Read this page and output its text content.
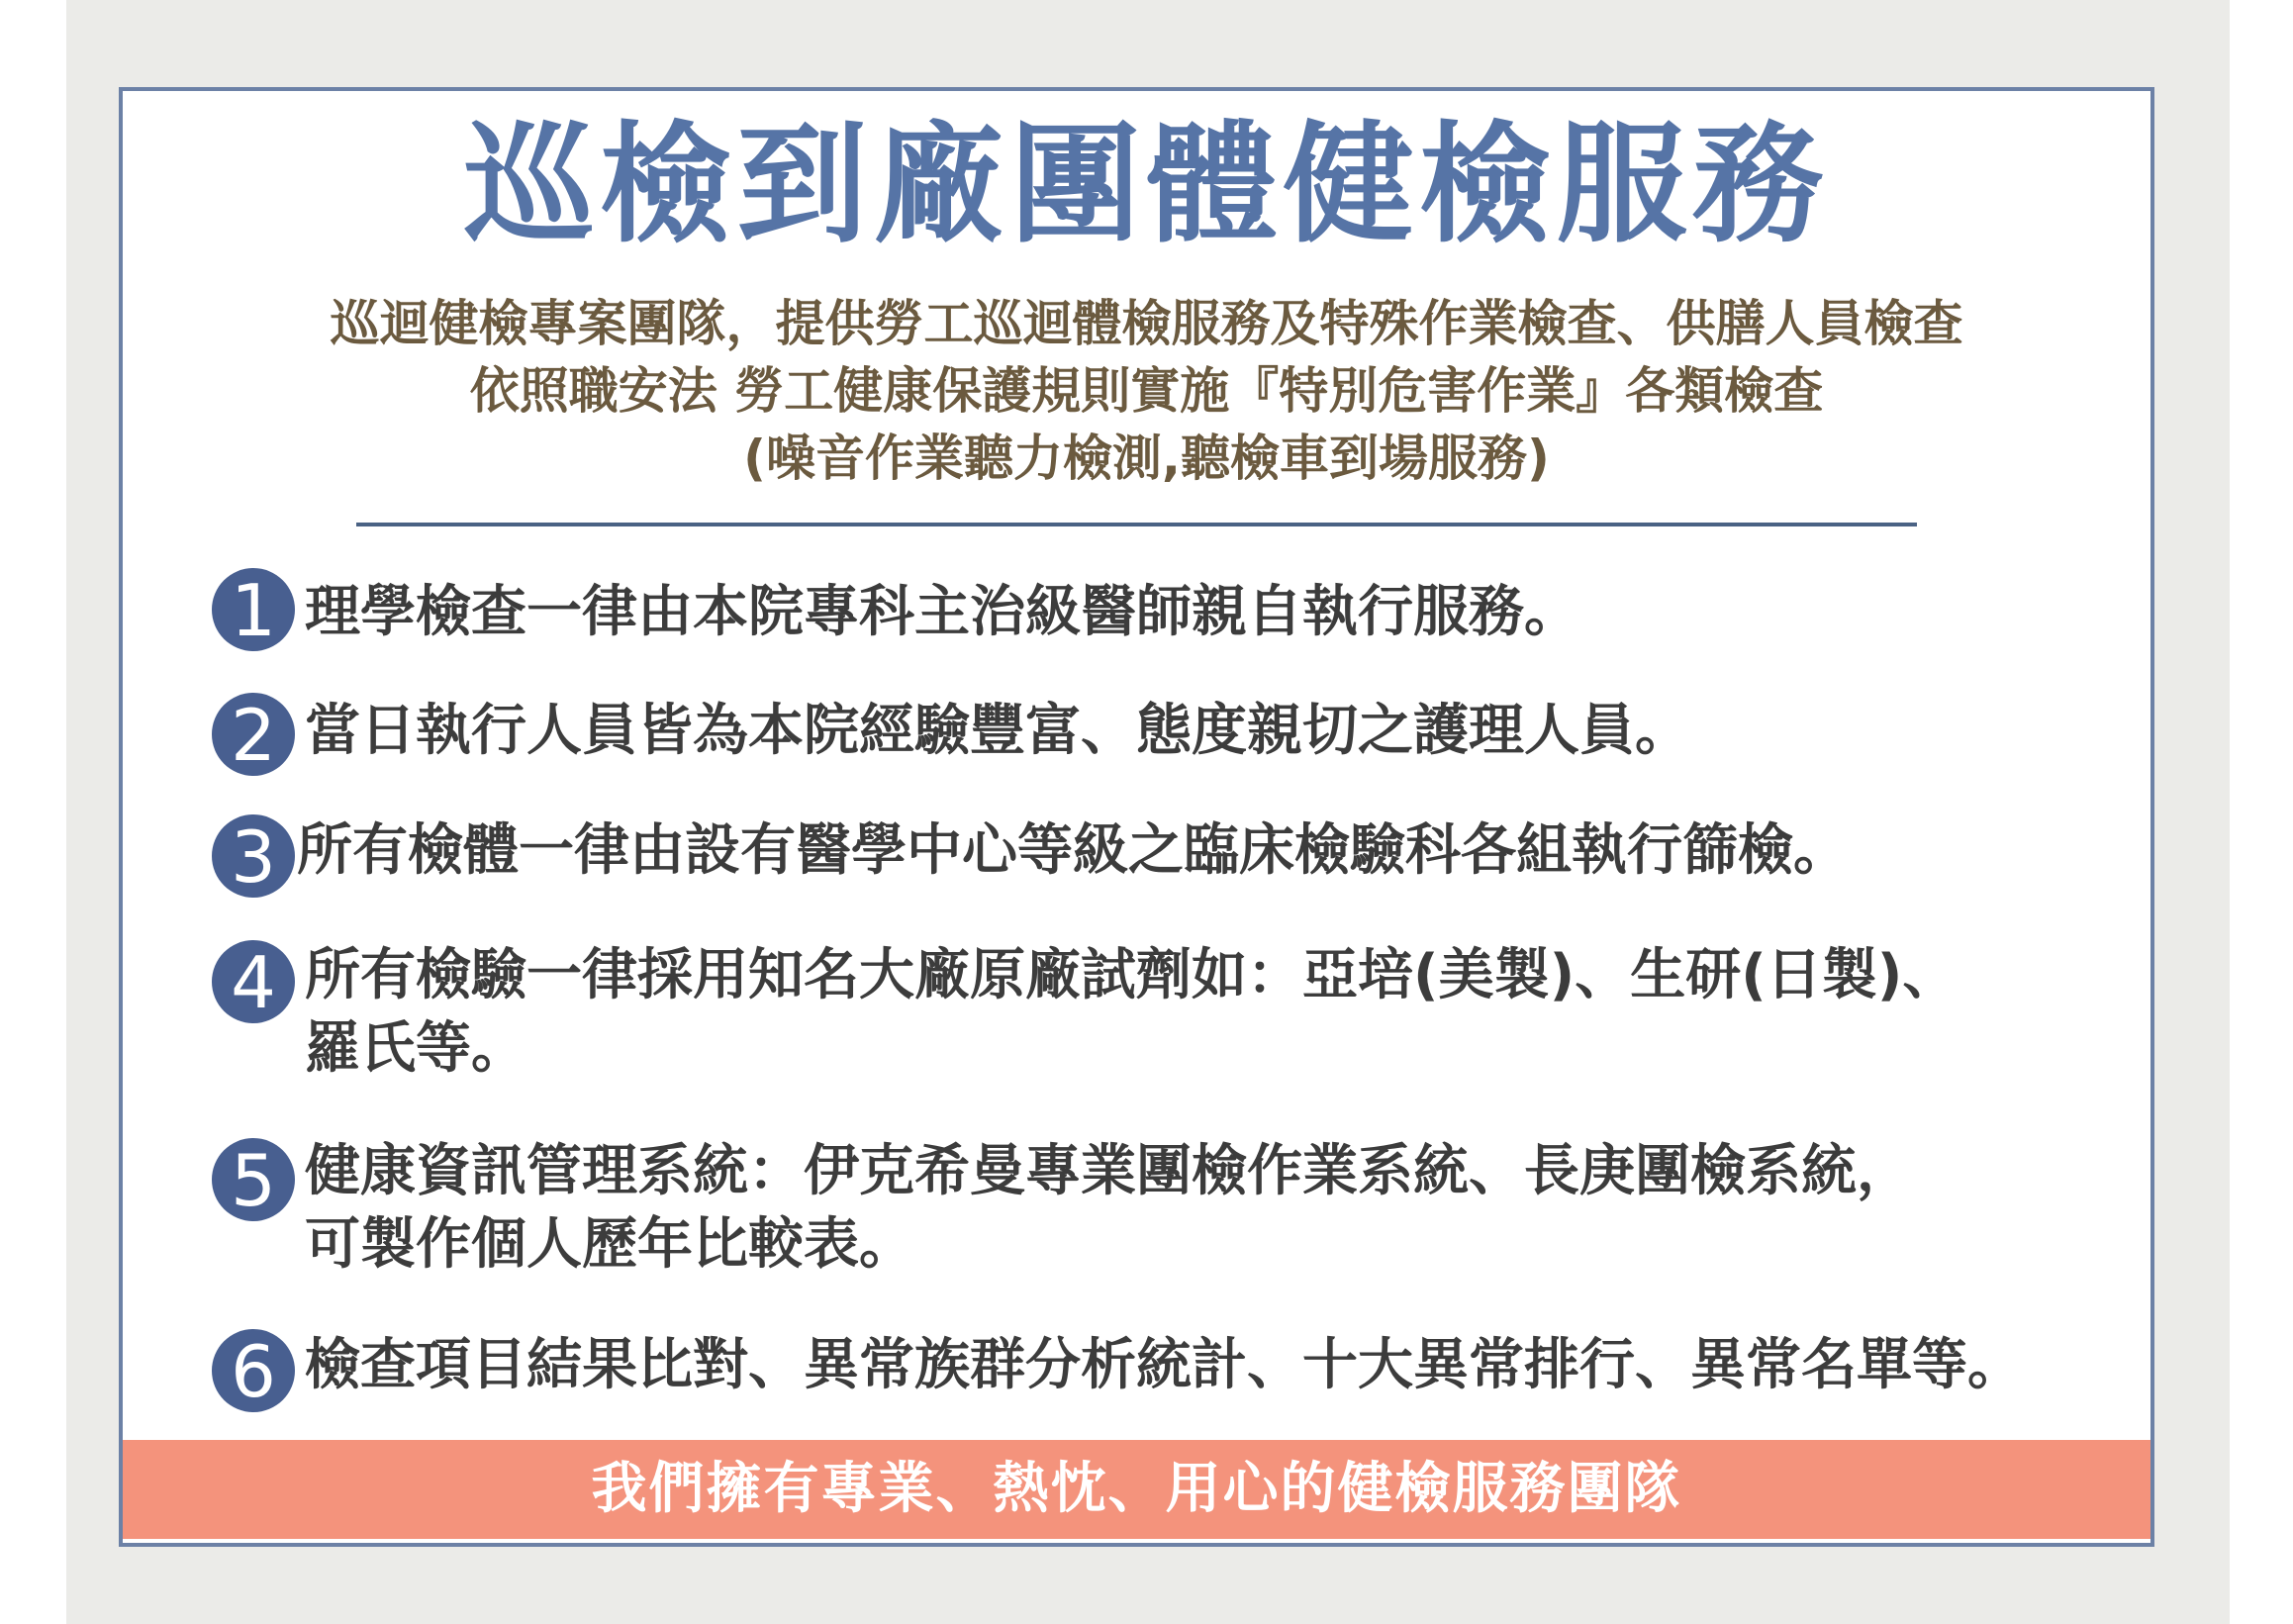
巡檢到廠團體健檢服務
巡迴健檢專案團隊，提供勞工巡迴體檢服務及特殊作業檢查、供膳人員檢查
依照職安法 勞工健康保護規則實施『特別危害作業』各類檢查
(噪音作業聽力檢測,聽檢車到場服務)
1 理學檢查一律由本院專科主治級醫師親自執行服務。
2 當日執行人員皆為本院經驗豐富、態度親切之護理人員。
3 所有檢體一律由設有醫學中心等級之臨床檢驗科各組執行篩檢。
4 所有檢驗一律採用知名大廠原廠試劑如：亞培(美製)、生研(日製)、
羅氏等。
5 健康資訊管理系統：伊克希曼專業團檢作業系統、長庚團檢系統，
可製作個人歷年比較表。
6 檢查項目結果比對、異常族群分析統計、十大異常排行、異常名單等。
我們擁有專業、熱忱、用心的健檢服務團隊
